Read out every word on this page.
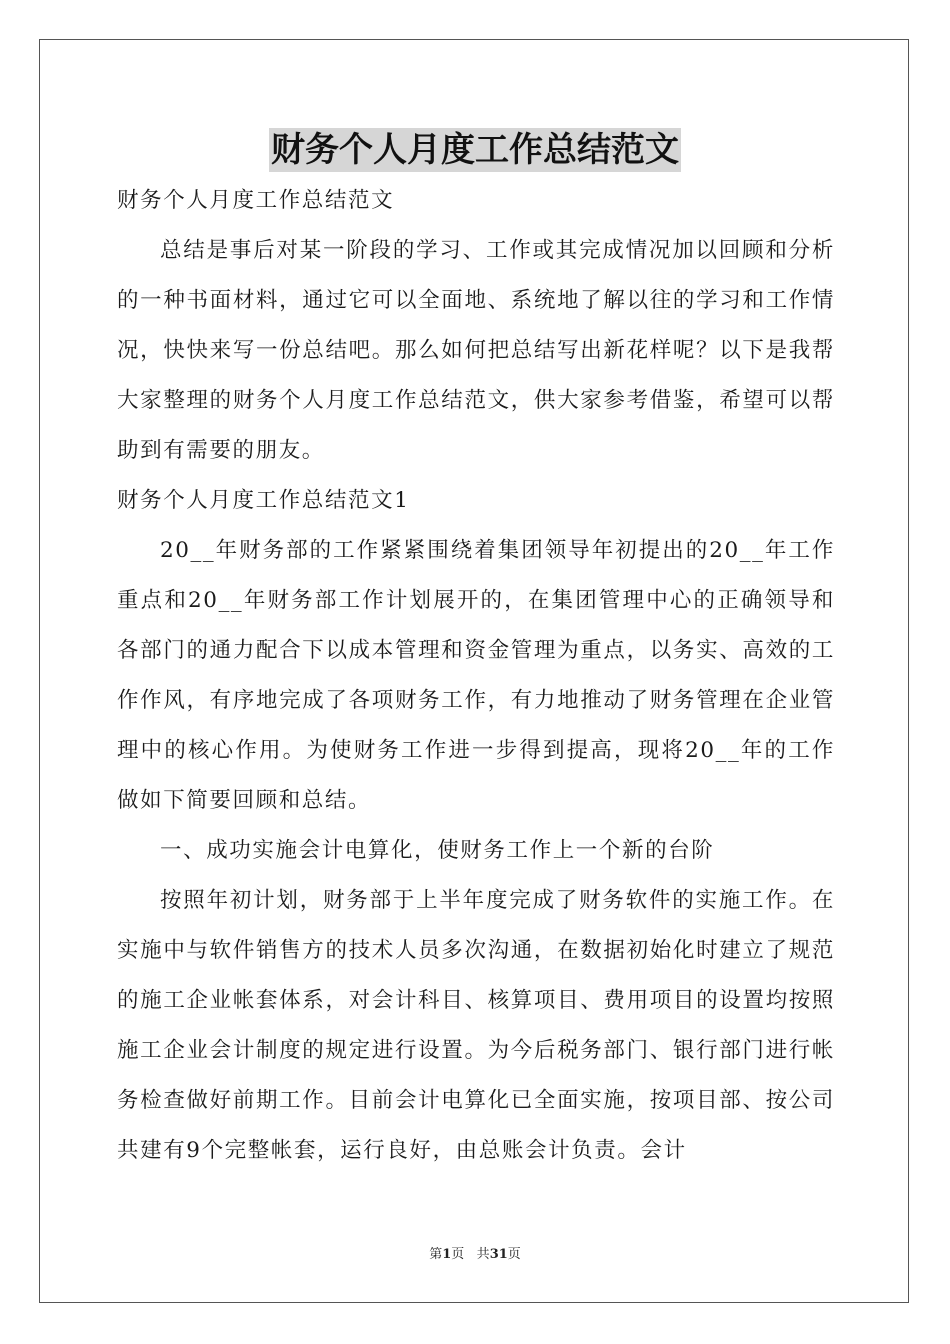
财务个人月度工作总结范文

财务个人月度工作总结范文

总结是事后对某一阶段的学习、工作或其完成情况加以回顾和分析的一种书面材料，通过它可以全面地、系统地了解以往的学习和工作情况，快快来写一份总结吧。那么如何把总结写出新花样呢？以下是我帮大家整理的财务个人月度工作总结范文，供大家参考借鉴，希望可以帮助到有需要的朋友。

财务个人月度工作总结范文1

20__年财务部的工作紧紧围绕着集团领导年初提出的20__年工作重点和20__年财务部工作计划展开的，在集团管理中心的正确领导和各部门的通力配合下以成本管理和资金管理为重点，以务实、高效的工作作风，有序地完成了各项财务工作，有力地推动了财务管理在企业管理中的核心作用。为使财务工作进一步得到提高，现将20__年的工作做如下简要回顾和总结。

一、成功实施会计电算化，使财务工作上一个新的台阶

按照年初计划，财务部于上半年度完成了财务软件的实施工作。在实施中与软件销售方的技术人员多次沟通，在数据初始化时建立了规范的施工企业帐套体系，对会计科目、核算项目、费用项目的设置均按照施工企业会计制度的规定进行设置。为今后税务部门、银行部门进行帐务检查做好前期工作。目前会计电算化已全面实施，按项目部、按公司共建有9个完整帐套，运行良好，由总账会计负责。会计

第1页 共31页
